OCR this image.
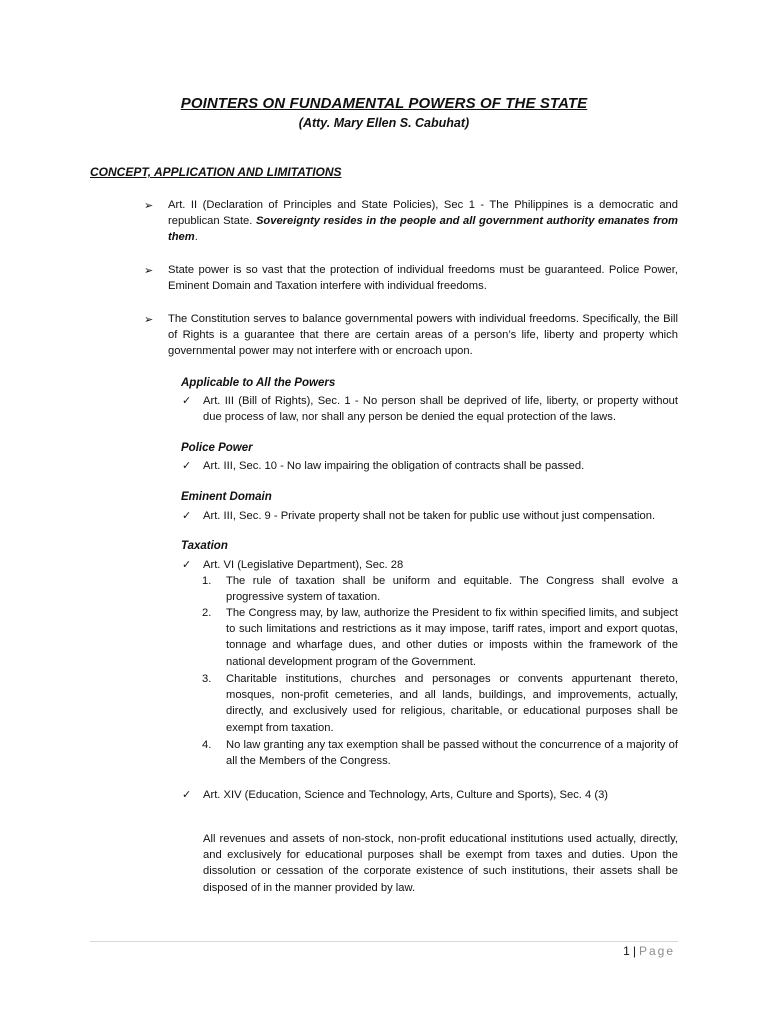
POINTERS ON FUNDAMENTAL POWERS OF THE STATE
(Atty. Mary Ellen S. Cabuhat)
CONCEPT, APPLICATION AND LIMITATIONS
➢	Art. II (Declaration of Principles and State Policies), Sec 1 - The Philippines is a democratic and
republican State. Sovereignty resides in the people and all government authority emanates from
them.
➢	State power is so vast that the protection of individual freedoms must be guaranteed. Police Power, Eminent Domain and Taxation interfere with individual freedoms.
➢	The Constitution serves to balance governmental powers with individual freedoms. Specifically, the Bill of Rights is a guarantee that there are certain areas of a person’s life, liberty and property which governmental power may not interfere with or encroach upon.
Applicable to All the Powers
✓ Art. III (Bill of Rights), Sec. 1 - No person shall be deprived of life, liberty, or property without due process of law, nor shall any person be denied the equal protection of the laws.
Police Power
✓ Art. III, Sec. 10 - No law impairing the obligation of contracts shall be passed.
Eminent Domain
✓ Art. III, Sec. 9 - Private property shall not be taken for public use without just compensation.
Taxation
✓ Art. VI (Legislative Department), Sec. 28
1.	The rule of taxation shall be uniform and equitable. The Congress shall evolve a progressive system of taxation.
2.	The Congress may, by law, authorize the President to fix within specified limits, and subject to such limitations and restrictions as it may impose, tariff rates, import and export quotas, tonnage and wharfage dues, and other duties or imposts within the framework of the national development program of the Government.
3.	Charitable institutions, churches and personages or convents appurtenant thereto, mosques, non-profit cemeteries, and all lands, buildings, and improvements, actually, directly, and exclusively used for religious, charitable, or educational purposes shall be exempt from taxation.
4.	No law granting any tax exemption shall be passed without the concurrence of a majority of all the Members of the Congress.
✓ Art. XIV (Education, Science and Technology, Arts, Culture and Sports), Sec. 4 (3)
All revenues and assets of non-stock, non-profit educational institutions used actually, directly, and exclusively for educational purposes shall be exempt from taxes and duties. Upon the dissolution or cessation of the corporate existence of such institutions, their assets shall be disposed of in the manner provided by law.
1 | Page
